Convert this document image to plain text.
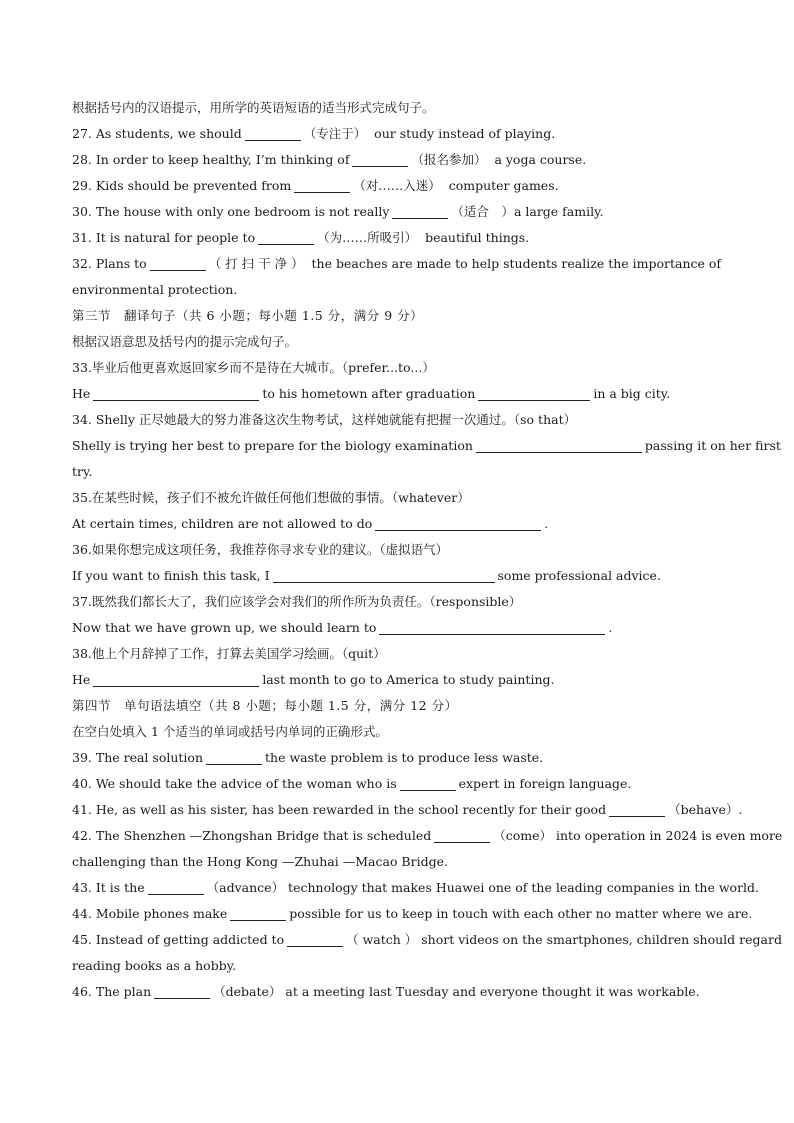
根据括号内的汉语提示，用所学的英语短语的适当形式完成句子。
27. As students, we should	（专注于） our study instead of playing.
28. In order to keep healthy, I’m thinking of	（报名参加） a yoga course.
29. Kids should be prevented from	（对……入迷） computer games.
30. The house with only one bedroom is not really	（适合　）a large family.
31. It is natural for people to	（为……所吸引） beautiful things.
32. Plans to	（ 打 扫 干 净 ） the beaches are made to help students realize the importance of
environmental protection.
第三节　翻译句子（共 6 小题；每小题 1.5 分，满分 9 分）
根据汉语意思及括号内的提示完成句子。
33.毕业后他更喜欢返回家乡而不是待在大城市。（prefer...to...）
He	to his hometown after graduation	in a big city.
34. Shelly 正尽她最大的努力准备这次生物考试，这样她就能有把握一次通过。（so that）
Shelly is trying her best to prepare for the biology examination	passing it on her first
try.
35.在某些时候，孩子们不被允许做任何他们想做的事情。（whatever）
At certain times, children are not allowed to do	.
36.如果你想完成这项任务，我推荐你寻求专业的建议。（虚拟语气）
If you want to finish this task, I	some professional advice.
37.既然我们都长大了，我们应该学会对我们的所作所为负责任。（responsible）
Now that we have grown up, we should learn to	.
38.他上个月辞掉了工作，打算去美国学习绘画。（quit）
He	last month to go to America to study painting.
第四节　单句语法填空（共 8 小题；每小题 1.5 分，满分 12 分）
在空白处填入 1 个适当的单词或括号内单词的正确形式。
39. The real solution	the waste problem is to produce less waste.
40. We should take the advice of the woman who is	expert in foreign language.
41. He, as well as his sister, has been rewarded in the school recently for their good	（behave）.
42. The Shenzhen —Zhongshan Bridge that is scheduled	（come） into operation in 2024 is even more
challenging than the Hong Kong —Zhuhai —Macao Bridge.
43. It is the	（advance） technology that makes Huawei one of the leading companies in the world.
44. Mobile phones make	possible for us to keep in touch with each other no matter where we are.
45. Instead of getting addicted to	（ watch ） short videos on the smartphones, children should regard
reading books as a hobby.
46. The plan	（debate） at a meeting last Tuesday and everyone thought it was workable.
